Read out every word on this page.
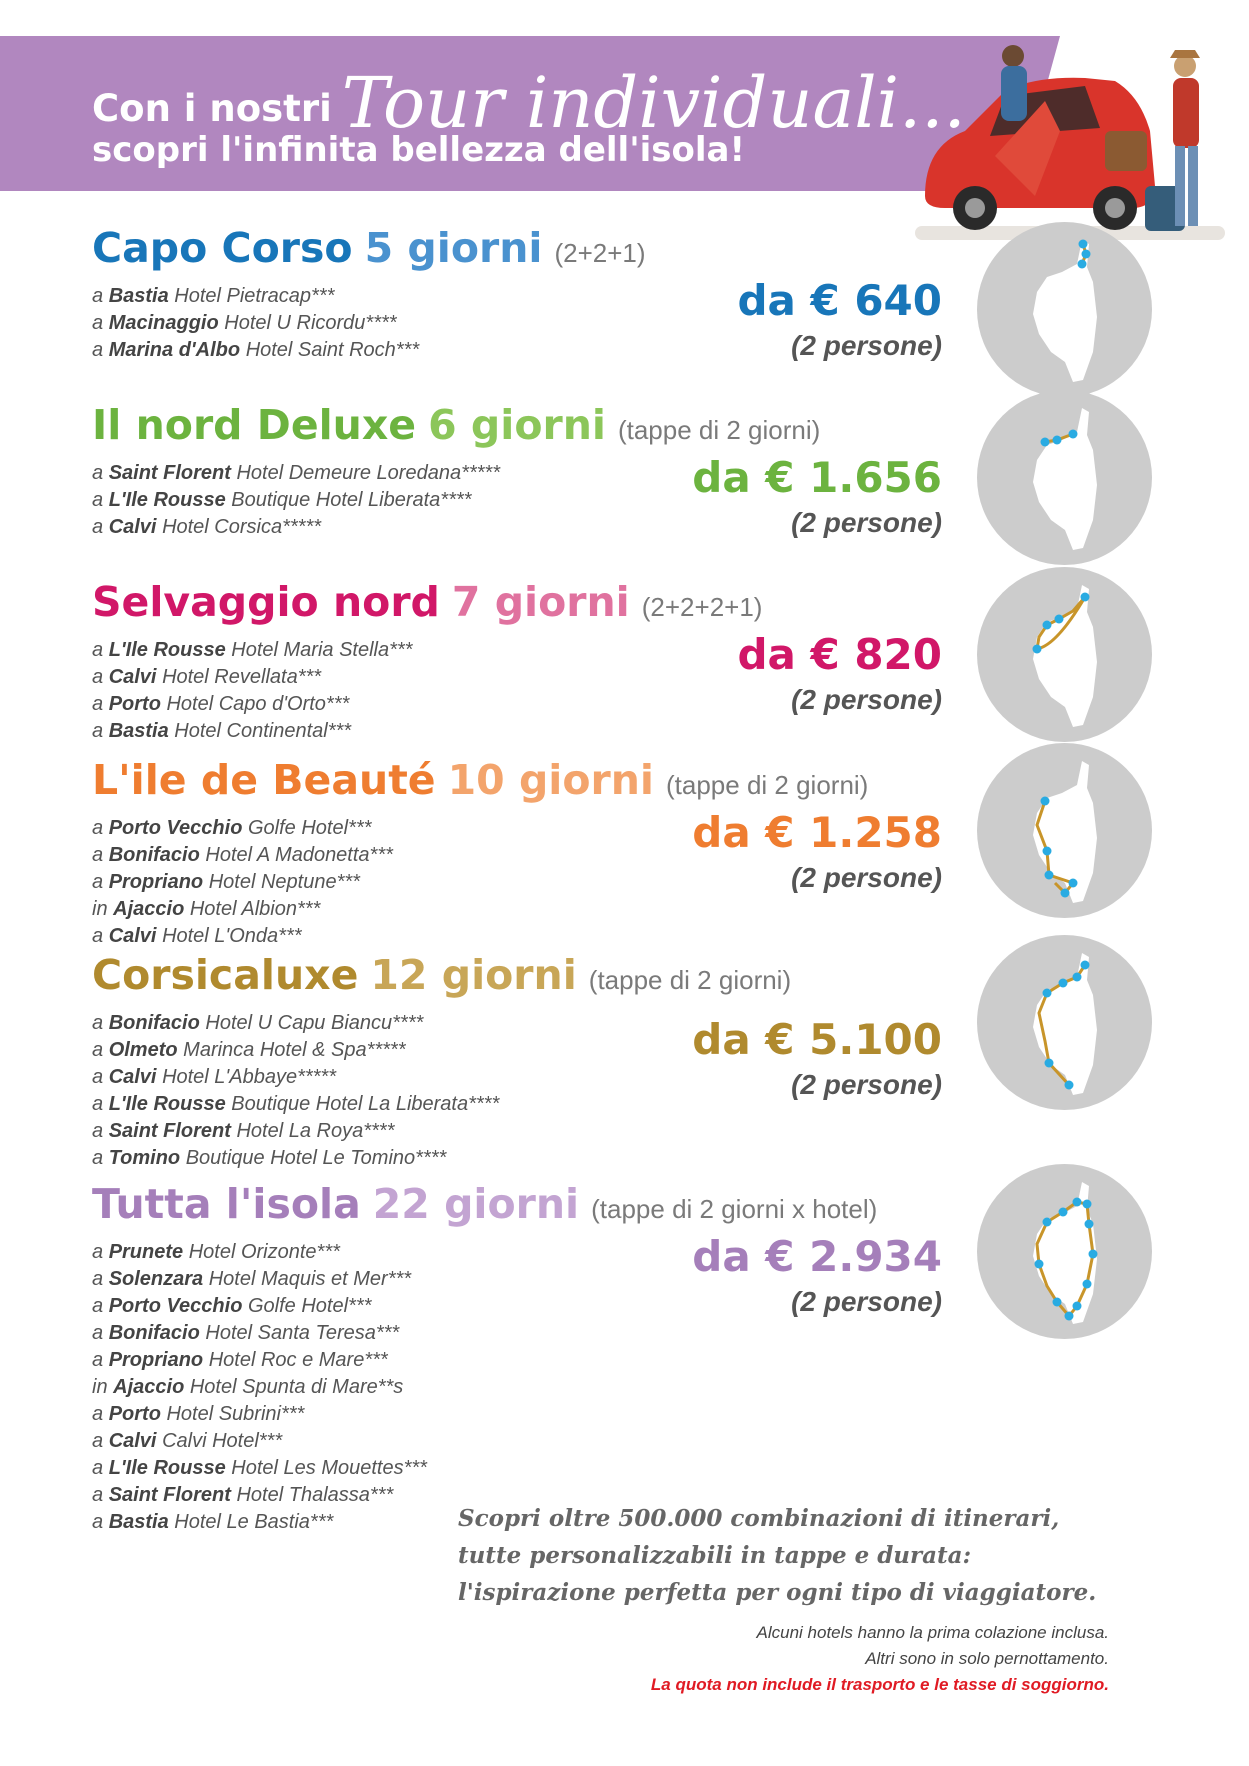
Con i nostri Tour individuali...
scopri l'infinita bellezza dell'isola!
Capo Corso 5 giorni (2+2+1)
a Bastia Hotel Pietracap***
a Macinaggio Hotel U Ricordu****
a Marina d'Albo Hotel Saint Roch***
da € 640
(2 persone)
Il nord Deluxe 6 giorni (tappe di 2 giorni)
a Saint Florent Hotel Demeure Loredana*****
a L'Ile Rousse Boutique Hotel Liberata****
a Calvi Hotel Corsica*****
da € 1.656
(2 persone)
Selvaggio nord 7 giorni (2+2+2+1)
a L'Ile Rousse Hotel Maria Stella***
a Calvi Hotel Revellata***
a Porto Hotel Capo d'Orto***
a Bastia Hotel Continental***
da € 820
(2 persone)
L'ile de Beauté 10 giorni (tappe di 2 giorni)
a Porto Vecchio Golfe Hotel***
a Bonifacio Hotel A Madonetta***
a Propriano Hotel Neptune***
in Ajaccio Hotel Albion***
a Calvi Hotel L'Onda***
da € 1.258
(2 persone)
Corsicaluxe 12 giorni (tappe di 2 giorni)
a Bonifacio Hotel U Capu Biancu****
a Olmeto Marinca Hotel & Spa*****
a Calvi Hotel L'Abbaye*****
a L'Ile Rousse Boutique Hotel La Liberata****
a Saint Florent Hotel La Roya****
a Tomino Boutique Hotel Le Tomino****
da € 5.100
(2 persone)
Tutta l'isola 22 giorni (tappe di 2 giorni x hotel)
a Prunete Hotel Orizonte***
a Solenzara Hotel Maquis et Mer***
a Porto Vecchio Golfe Hotel***
a Bonifacio Hotel Santa Teresa***
a Propriano Hotel Roc e Mare***
in Ajaccio Hotel Spunta di Mare**s
a Porto Hotel Subrini***
a Calvi Calvi Hotel***
a L'Ile Rousse Hotel Les Mouettes***
a Saint Florent Hotel Thalassa***
a Bastia Hotel Le Bastia***
da € 2.934
(2 persone)
Scopri oltre 500.000 combinazioni di itinerari, tutte personalizzabili in tappe e durata: l'ispirazione perfetta per ogni tipo di viaggiatore.
Alcuni hotels hanno la prima colazione inclusa.
Altri sono in solo pernottamento.
La quota non include il trasporto e le tasse di soggiorno.
